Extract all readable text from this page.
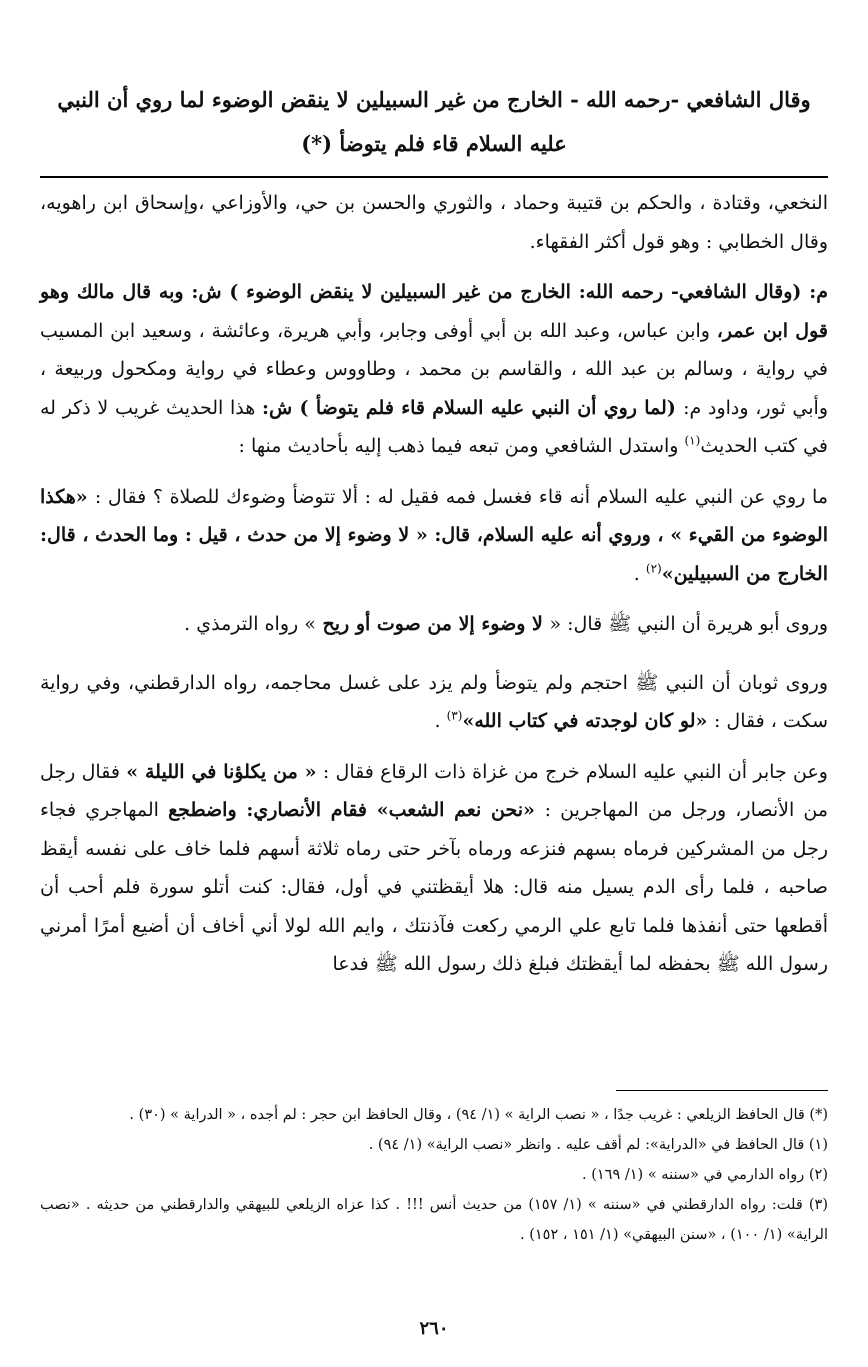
وقال الشافعي -رحمه الله - الخارج من غير السبيلين لا ينقض الوضوء لما روي أن النبي عليه السلام قاء فلم يتوضأ (*)

النخعي، وقتادة ، والحكم بن قتيبة وحماد ، والثوري والحسن بن حي، والأوزاعي ،وإسحاق ابن راهويه، وقال الخطابي : وهو قول أكثر الفقهاء.

م: (وقال الشافعي- رحمه الله: الخارج من غير السبيلين لا ينقض الوضوء ) ش: وبه قال مالك وهو قول ابن عمر، وابن عباس، وعبد الله بن أبي أوفى وجابر، وأبي هريرة، وعائشة ، وسعيد ابن المسيب في رواية ، وسالم بن عبد الله ، والقاسم بن محمد ، وطاووس وعطاء في رواية ومكحول وربيعة ، وأبي ثور، وداود م: (لما روي أن النبي عليه السلام قاء فلم يتوضأ ) ش: هذا الحديث غريب لا ذكر له في كتب الحديث$^{(١)}$ واستدل الشافعي ومن تبعه فيما ذهب إليه بأحاديث منها :

ما روي عن النبي عليه السلام أنه قاء فغسل فمه فقيل له : ألا تتوضأ وضوءك للصلاة ؟ فقال : «هكذا الوضوء من القيء » ، وروي أنه عليه السلام، قال: « لا وضوء إلا من حدث ، قيل : وما الحدث ، قال: الخارج من السبيلين»$^{(٢)}$ .

وروى أبو هريرة أن النبي ﷺ قال: « لا وضوء إلا من صوت أو ريح » رواه الترمذي .

وروى ثوبان أن النبي ﷺ احتجم ولم يتوضأ ولم يزد على غسل محاجمه، رواه الدارقطني، وفي رواية سكت ، فقال : «لو كان لوجدته في كتاب الله»$^{(٣)}$ .

وعن جابر أن النبي عليه السلام خرج من غزاة ذات الرقاع فقال : « من يكلؤنا في الليلة » فقال رجل من الأنصار، ورجل من المهاجرين : «نحن نعم الشعب» فقام الأنصاري: واضطجع المهاجري فجاء رجل من المشركين فرماه بسهم فنزعه ورماه بآخر حتى رماه ثلاثة أسهم فلما خاف على نفسه أيقظ صاحبه ، فلما رأى الدم يسيل منه قال: هلا أيقظتني في أول، فقال: كنت أتلو سورة فلم أحب أن أقطعها حتى أنفذها فلما تابع علي الرمي ركعت فآذنتك ، وايم الله لولا أني أخاف أن أضيع أمرًا أمرني رسول الله ﷺ بحفظه لما أيقظتك فبلغ ذلك رسول الله ﷺ فدعا

(*) قال الحافظ الزيلعي : غريب جدًا ، « نصب الراية » (١/ ٩٤) ، وقال الحافظ ابن حجر : لم أجده ، « الدراية » (٣٠) .

(١) قال الحافظ في «الدراية»: لم أقف عليه . وانظر «نصب الراية» (١/ ٩٤) .

(٢) رواه الدارمي في «سننه » (١/ ١٦٩) .

(٣) قلت: رواه الدارقطني في «سننه » (١/ ١٥٧) من حديث أنس !!! . كذا عزاه الزيلعي للبيهقي والدارقطني من حديثه . «نصب الراية» (١/ ١٠٠) ، «سنن البيهقي» (١/ ١٥١ ، ١٥٢) .

٢٦٠
